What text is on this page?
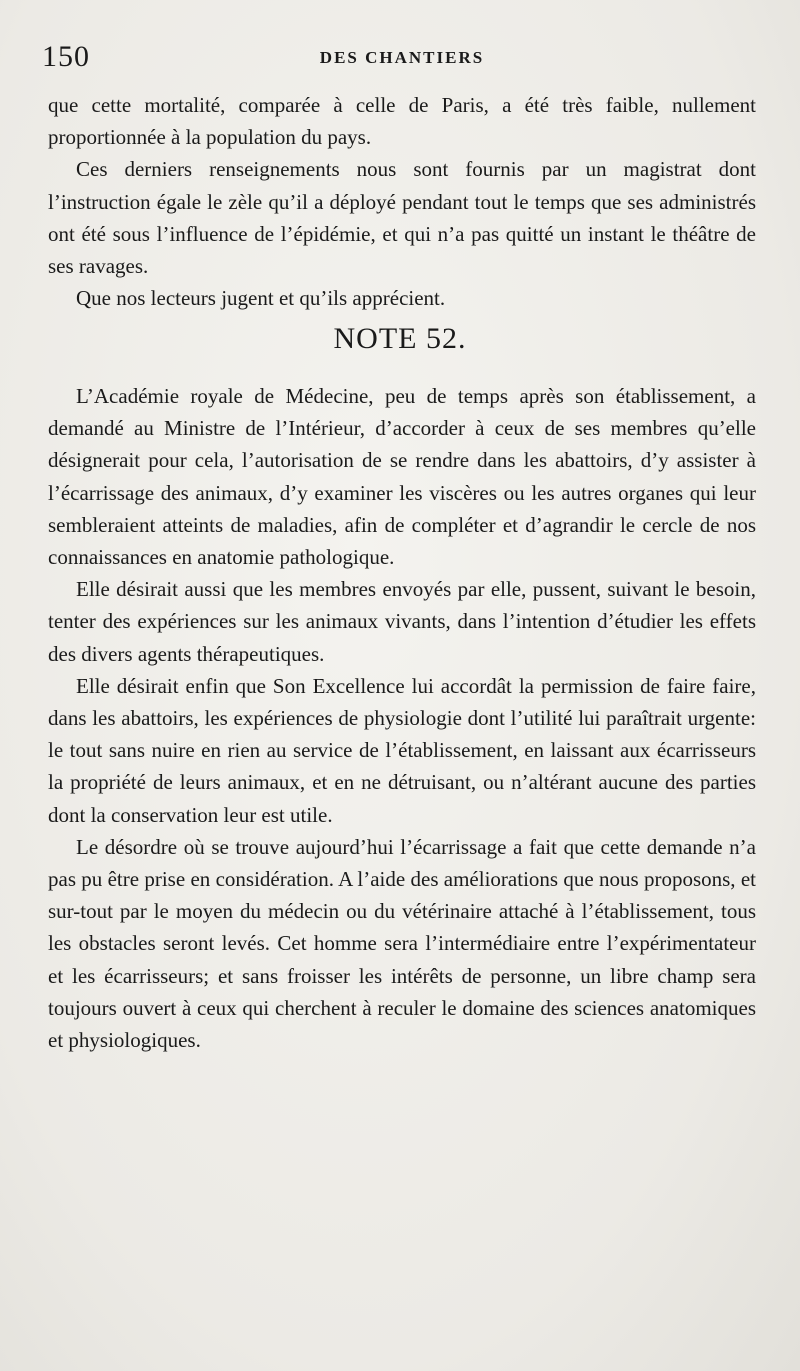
150	DES CHANTIERS

que cette mortalité, comparée à celle de Paris, a été très faible, nullement proportionnée à la population du pays.

Ces derniers renseignements nous sont fournis par un magistrat dont l’instruction égale le zèle qu’il a déployé pendant tout le temps que ses administrés ont été sous l’influence de l’épidémie, et qui n’a pas quitté un instant le théâtre de ses ravages.

Que nos lecteurs jugent et qu’ils apprécient.

NOTE 52.

L’Académie royale de Médecine, peu de temps après son établissement, a demandé au Ministre de l’Intérieur, d’accorder à ceux de ses membres qu’elle désignerait pour cela, l’autorisation de se rendre dans les abattoirs, d’y assister à l’écarrissage des animaux, d’y examiner les viscères ou les autres organes qui leur sembleraient atteints de maladies, afin de compléter et d’agrandir le cercle de nos connaissances en anatomie pathologique.

Elle désirait aussi que les membres envoyés par elle, pussent, suivant le besoin, tenter des expériences sur les animaux vivants, dans l’intention d’étudier les effets des divers agents thérapeutiques.

Elle désirait enfin que Son Excellence lui accordât la permission de faire faire, dans les abattoirs, les expériences de physiologie dont l’utilité lui paraîtrait urgente: le tout sans nuire en rien au service de l’établissement, en laissant aux écarrisseurs la propriété de leurs animaux, et en ne détruisant, ou n’altérant aucune des parties dont la conservation leur est utile.

Le désordre où se trouve aujourd’hui l’écarrissage a fait que cette demande n’a pas pu être prise en considération. A l’aide des améliorations que nous proposons, et sur-tout par le moyen du médecin ou du vétérinaire attaché à l’établissement, tous les obstacles seront levés. Cet homme sera l’intermédiaire entre l’expérimentateur et les écarrisseurs; et sans froisser les intérêts de personne, un libre champ sera toujours ouvert à ceux qui cherchent à reculer le domaine des sciences anatomiques et physiologiques.
